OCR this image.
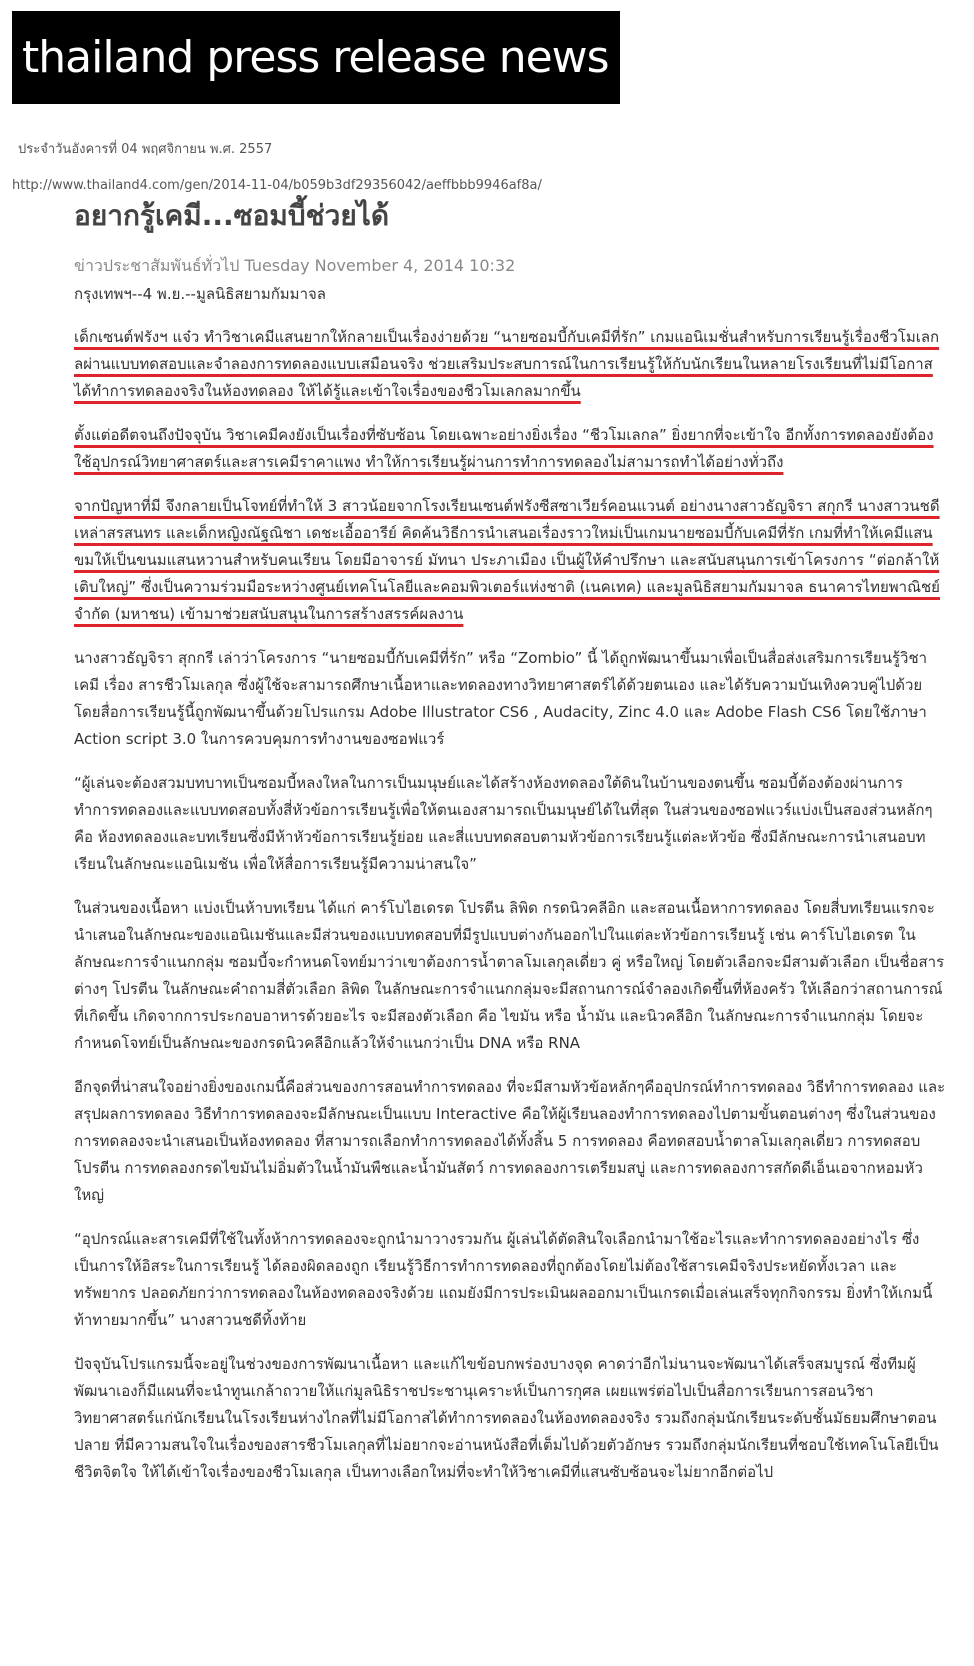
thailand press release news
ประจำวันอังคารที่ 04 พฤศจิกายน พ.ศ. 2557
http://www.thailand4.com/gen/2014-11-04/b059b3df29356042/aeffbbb9946af8a/
อยากรู้เคมี...ซอมบี้ช่วยได้
ข่าวประชาสัมพันธ์ทั่วไป Tuesday November 4, 2014 10:32
กรุงเทพฯ--4 พ.ย.--มูลนิธิสยามกัมมาจล

เด็กเซนต์ฟรังฯ แจ๋ว ทำวิชาเคมีแสนยากให้กลายเป็นเรื่องง่ายด้วย “นายซอมบี้กับเคมีที่รัก” เกมแอนิเมชั่นสำหรับการเรียนรู้เรื่องชีวโมเลกลผ่านแบบทดสอบและจำลองการทดลองแบบเสมือนจริง ช่วยเสริมประสบการณ์ในการเรียนรู้ให้กับนักเรียนในหลายโรงเรียนที่ไม่มีโอกาสได้ทำการทดลองจริงในห้องทดลอง ให้ได้รู้และเข้าใจเรื่องของชีวโมเลกลมากขึ้น

ตั้งแต่อดีตจนถึงปัจจุบัน วิชาเคมีคงยังเป็นเรื่องที่ซับซ้อน โดยเฉพาะอย่างยิ่งเรื่อง “ชีวโมเลกล” ยิ่งยากที่จะเข้าใจ อีกทั้งการทดลองยังต้องใช้อุปกรณ์วิทยาศาสตร์และสารเคมีราคาแพง ทำให้การเรียนรู้ผ่านการทำการทดลองไม่สามารถทำได้อย่างทั่วถึง

จากปัญหาที่มี จึงกลายเป็นโจทย์ที่ทำให้ 3 สาวน้อยจากโรงเรียนเซนต์ฟรังซีสซาเวียร์คอนแวนต์ อย่างนางสาวธัญจิรา สกุกรี นางสาวนชดี เหล่าสรสนทร และเด็กหญิงณัฐณิชา เดชะเอื้ออารีย์ คิดค้นวิธีการนำเสนอเรื่องราวใหม่เป็นเกมนายซอมบี้กับเคมีที่รัก เกมที่ทำให้เคมีแสนขมให้เป็นขนมแสนหวานสำหรับคนเรียน โดยมีอาจารย์ มัทนา ประภาเมือง เป็นผู้ให้คำปรึกษา และสนับสนุนการเข้าโครงการ “ต่อกล้าให้เติบใหญ่” ซึ่งเป็นความร่วมมือระหว่างศูนย์เทคโนโลยีและคอมพิวเตอร์แห่งชาติ (เนคเทค) และมูลนิธิสยามกัมมาจล ธนาคารไทยพาณิชย์ จำกัด (มหาชน) เข้ามาช่วยสนับสนุนในการสร้างสรรค์ผลงาน

นางสาวธัญจิรา สุกกรี เล่าว่าโครงการ “นายซอมบี้กับเคมีที่รัก” หรือ “Zombio” นี้ ได้ถูกพัฒนาขึ้นมาเพื่อเป็นสื่อส่งเสริมการเรียนรู้วิชาเคมี เรื่อง สารชีวโมเลกุล ซึ่งผู้ใช้จะสามารถศึกษาเนื้อหาและทดลองทางวิทยาศาสตร์ได้ด้วยตนเอง และได้รับความบันเทิงควบคู่ไปด้วย โดยสื่อการเรียนรู้นี้ถูกพัฒนาขึ้นด้วยโปรแกรม Adobe Illustrator CS6 , Audacity, Zinc 4.0 และ Adobe Flash CS6 โดยใช้ภาษา Action script 3.0 ในการควบคุมการทำงานของซอฟแวร์

“ผู้เล่นจะต้องสวมบทบาทเป็นซอมบี้หลงใหลในการเป็นมนุษย์และได้สร้างห้องทดลองใต้ดินในบ้านของตนขึ้น ซอมบี้ต้องต้องผ่านการทำการทดลองและแบบทดสอบทั้งสี่หัวข้อการเรียนรู้เพื่อให้ตนเองสามารถเป็นมนุษย์ได้ในที่สุด ในส่วนของซอฟแวร์แบ่งเป็นสองส่วนหลักๆ คือ ห้องทดลองและบทเรียนซึ่งมีห้าหัวข้อการเรียนรู้ย่อย และสี่แบบทดสอบตามหัวข้อการเรียนรู้แต่ละหัวข้อ ซึ่งมีลักษณะการนำเสนอบทเรียนในลักษณะแอนิเมชัน เพื่อให้สื่อการเรียนรู้มีความน่าสนใจ”

ในส่วนของเนื้อหา แบ่งเป็นห้าบทเรียน ได้แก่ คาร์โบไฮเดรต โปรตีน ลิพิด กรดนิวคลีอิก และสอนเนื้อหาการทดลอง โดยสี่บทเรียนแรกจะนำเสนอในลักษณะของแอนิเมชันและมีส่วนของแบบทดสอบที่มีรูปแบบต่างกันออกไปในแต่ละหัวข้อการเรียนรู้ เช่น คาร์โบไฮเดรต ในลักษณะการจำแนกกลุ่ม ซอมบี้จะกำหนดโจทย์มาว่าเขาต้องการน้ำตาลโมเลกุลเดี่ยว คู่ หรือใหญ่ โดยตัวเลือกจะมีสามตัวเลือก เป็นชื่อสารต่างๆ โปรตีน ในลักษณะคำถามสี่ตัวเลือก ลิพิด ในลักษณะการจำแนกกลุ่มจะมีสถานการณ์จำลองเกิดขึ้นที่ห้องครัว ให้เลือกว่าสถานการณ์ที่เกิดขึ้น เกิดจากการประกอบอาหารด้วยอะไร จะมีสองตัวเลือก คือ ไขมัน หรือ น้ำมัน และนิวคลีอิก ในลักษณะการจำแนกกลุ่ม โดยจะกำหนดโจทย์เป็นลักษณะของกรดนิวคลีอิกแล้วให้จำแนกว่าเป็น DNA หรือ RNA

อีกจุดที่น่าสนใจอย่างยิ่งของเกมนี้คือส่วนของการสอนทำการทดลอง ที่จะมีสามหัวข้อหลักๆคืออุปกรณ์ทำการทดลอง วิธีทำการทดลอง และสรุปผลการทดลอง วิธีทำการทดลองจะมีลักษณะเป็นแบบ Interactive คือให้ผู้เรียนลองทำการทดลองไปตามขั้นตอนต่างๆ ซึ่งในส่วนของการทดลองจะนำเสนอเป็นห้องทดลอง ที่สามารถเลือกทำการทดลองได้ทั้งสิ้น 5 การทดลอง คือทดสอบน้ำตาลโมเลกุลเดี่ยว การทดสอบโปรตีน การทดลองกรดไขมันไม่อิ่มตัวในน้ำมันพืชและน้ำมันสัตว์ การทดลองการเตรียมสบู่ และการทดลองการสกัดดีเอ็นเอจากหอมหัวใหญ่

“อุปกรณ์และสารเคมีที่ใช้ในทั้งห้าการทดลองจะถูกนำมาวางรวมกัน ผู้เล่นได้ตัดสินใจเลือกนำมาใช้อะไรและทำการทดลองอย่างไร ซึ่งเป็นการให้อิสระในการเรียนรู้ ได้ลองผิดลองถูก เรียนรู้วิธีการทำการทดลองที่ถูกต้องโดยไม่ต้องใช้สารเคมีจริงประหยัดทั้งเวลา และทรัพยากร ปลอดภัยกว่าการทดลองในห้องทดลองจริงด้วย แถมยังมีการประเมินผลออกมาเป็นเกรดเมื่อเล่นเสร็จทุกกิจกรรม ยิ่งทำให้เกมนี้ท้าทายมากขึ้น” นางสาวนชดีทิ้งท้าย

ปัจจุบันโปรแกรมนี้จะอยู่ในช่วงของการพัฒนาเนื้อหา และแก้ไขข้อบกพร่องบางจุด คาดว่าอีกไม่นานจะพัฒนาได้เสร็จสมบูรณ์ ซึ่งทีมผู้พัฒนาเองก็มีแผนที่จะนำทูนเกล้าถวายให้แก่มูลนิธิราชประชานุเคราะห์เป็นการกุศล เผยแพร่ต่อไปเป็นสื่อการเรียนการสอนวิชาวิทยาศาสตร์แก่นักเรียนในโรงเรียนห่างไกลที่ไม่มีโอกาสได้ทำการทดลองในห้องทดลองจริง รวมถึงกลุ่มนักเรียนระดับชั้นมัธยมศึกษาตอนปลาย ที่มีความสนใจในเรื่องของสารชีวโมเลกุลที่ไม่อยากจะอ่านหนังสือที่เต็มไปด้วยตัวอักษร รวมถึงกลุ่มนักเรียนที่ชอบใช้เทคโนโลยีเป็นชีวิตจิตใจ ให้ได้เข้าใจเรื่องของชีวโมเลกุล เป็นทางเลือกใหม่ที่จะทำให้วิชาเคมีที่แสนซับซ้อนจะไม่ยากอีกต่อไป
